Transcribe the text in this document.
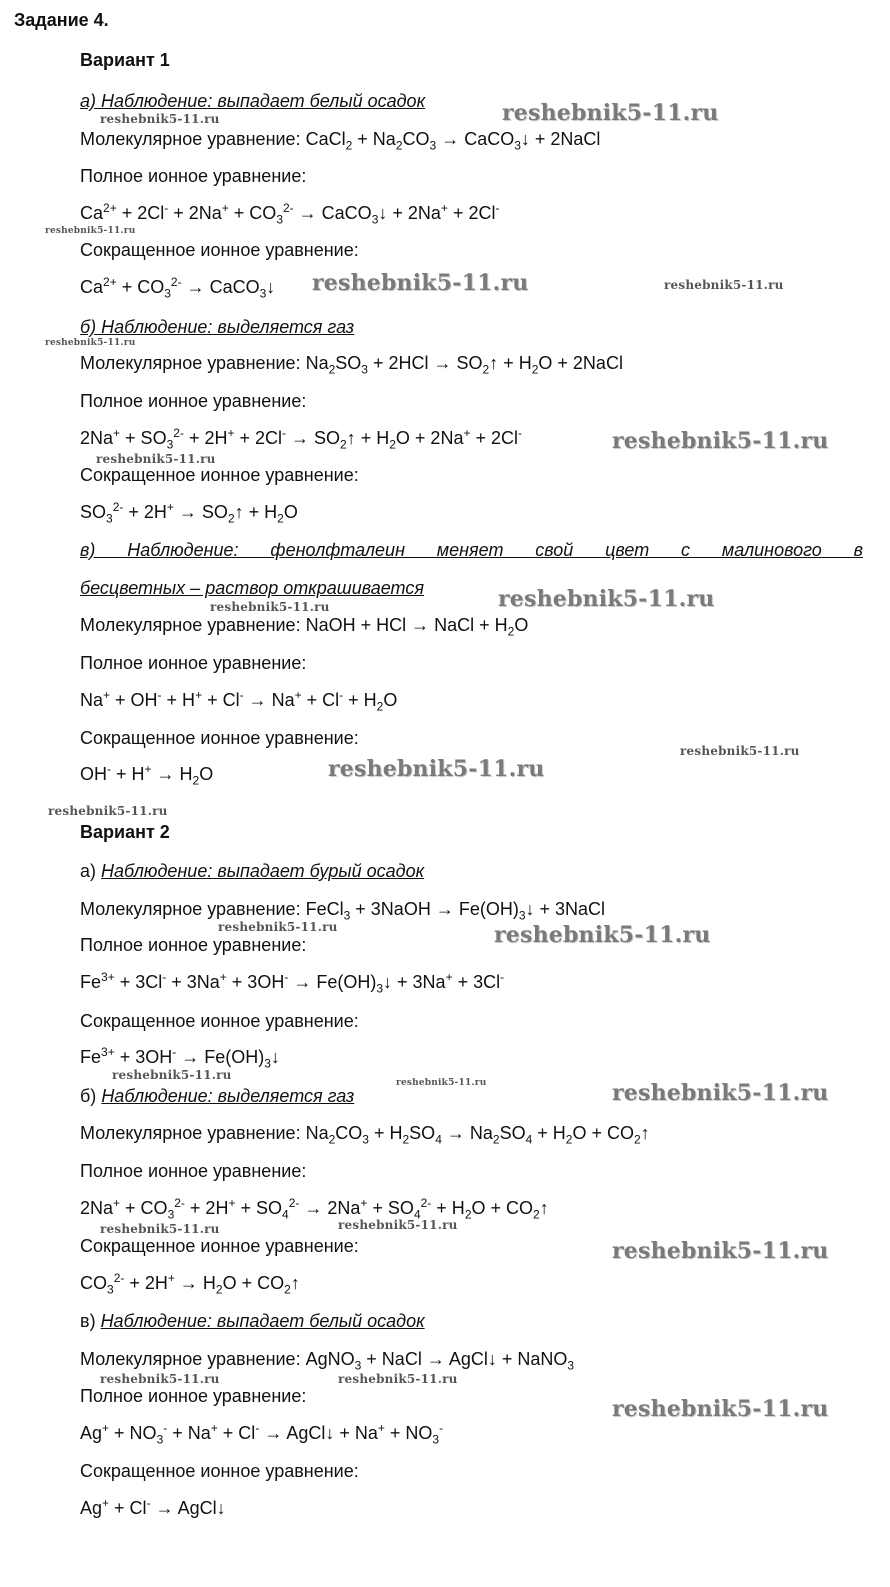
Задание 4.
Вариант 1
а) Наблюдение: выпадает белый осадок
Молекулярное уравнение: CaCl$_2$ + $Na_2CO_3$ → CaCO$_3$↓ + 2NaCl
Полное ионное уравнение:
$Ca^{2+} + 2Cl^- + 2Na^+ + CO_3^{2-}$ → CaCO$_3$↓ + 2Na+ + 2Cl-
Сокращенное ионное уравнение:
$Ca^{2+} + CO_3^{2-}$ → CaCO$_3$↓
б) Наблюдение: выделяется газ
Молекулярное уравнение: $Na_2SO_3 + 2HCl$ → $SO_2↑ + H_2O$ + 2NaCl
Полное ионное уравнение:
$2Na^+ + SO_3^{2-} + 2H^+ + 2Cl^-$ → $SO_2↑ + H_2O + 2Na^+ + 2Cl^-$
Сокращенное ионное уравнение:
$SO_3^{2-} + 2H^+$ → $SO_2↑ + H_2O$
в) Наблюдение: фенолфталеин меняет свой цвет с малинового в
бесцветных – раствор открашивается
Молекулярное уравнение: NaOH + HCl → NaCl + $H_2O$
Полное ионное уравнение:
$Na^+ + OH^- + H^+ + Cl^- \to Na^+ + Cl^- + H_2O$
Сокращенное ионное уравнение:
$OH^- + H^+ \to H_2O$
Вариант 2
а) Наблюдение: выпадает бурый осадок
Молекулярное уравнение: FeCl$_3$ + 3NaOH → $Fe(OH)_3↓$ + 3NaCl
Полное ионное уравнение:
$Fe^{3+} + 3Cl^- + 3Na^+ + 3OH^-$ → $Fe(OH)_3↓ + 3Na^+ + 3Cl^-$
Сокращенное ионное уравнение:
$Fe^{3+} + 3OH^-$ → $Fe(OH)_3↓$
б) Наблюдение: выделяется газ
Молекулярное уравнение: $Na_2CO_3 + H_2SO_4 \to Na_2SO_4 + H_2O$ + $CO_2↑$
Полное ионное уравнение:
$2Na^+ + CO_3^{2-} + 2H^+ + SO_4^{2-} \to 2Na^+ + SO_4^{2-} + H_2O$ + $CO_2↑$
Сокращенное ионное уравнение:
$CO_3^{2-} + 2H^+ \to H_2O$ + $CO_2↑$
в) Наблюдение: выпадает белый осадок
Молекулярное уравнение: AgNO$_3$ + NaCl → AgCl↓ + NaNO$_3$
Полное ионное уравнение:
$Ag^+ + NO_3^- + Na^+ + Cl^-$ → AgCl↓ + $Na^+ + NO_3^-$
Сокращенное ионное уравнение:
Ag+ + Cl- → AgCl↓
reshebnik5-11.ru
reshebnik5-11.ru
reshebnik5-11.ru
reshebnik5-11.ru	reshebnik5-11.ru
reshebnik5-11.ru
reshebnik5-11.ru
reshebnik5-11.ru
reshebnik5-11.ru
reshebnik5-11.ru
reshebnik5-11.ru
reshebnik5-11.ru
reshebnik5-11.ru
reshebnik5-11.ru	reshebnik5-11.ru
reshebnik5-11.ru
reshebnik5-11.ru	reshebnik5-11.ru
reshebnik5-11.ru	reshebnik5-11.ru
reshebnik5-11.ru
reshebnik5-11.ru	reshebnik5-11.ru
reshebnik5-11.ru
